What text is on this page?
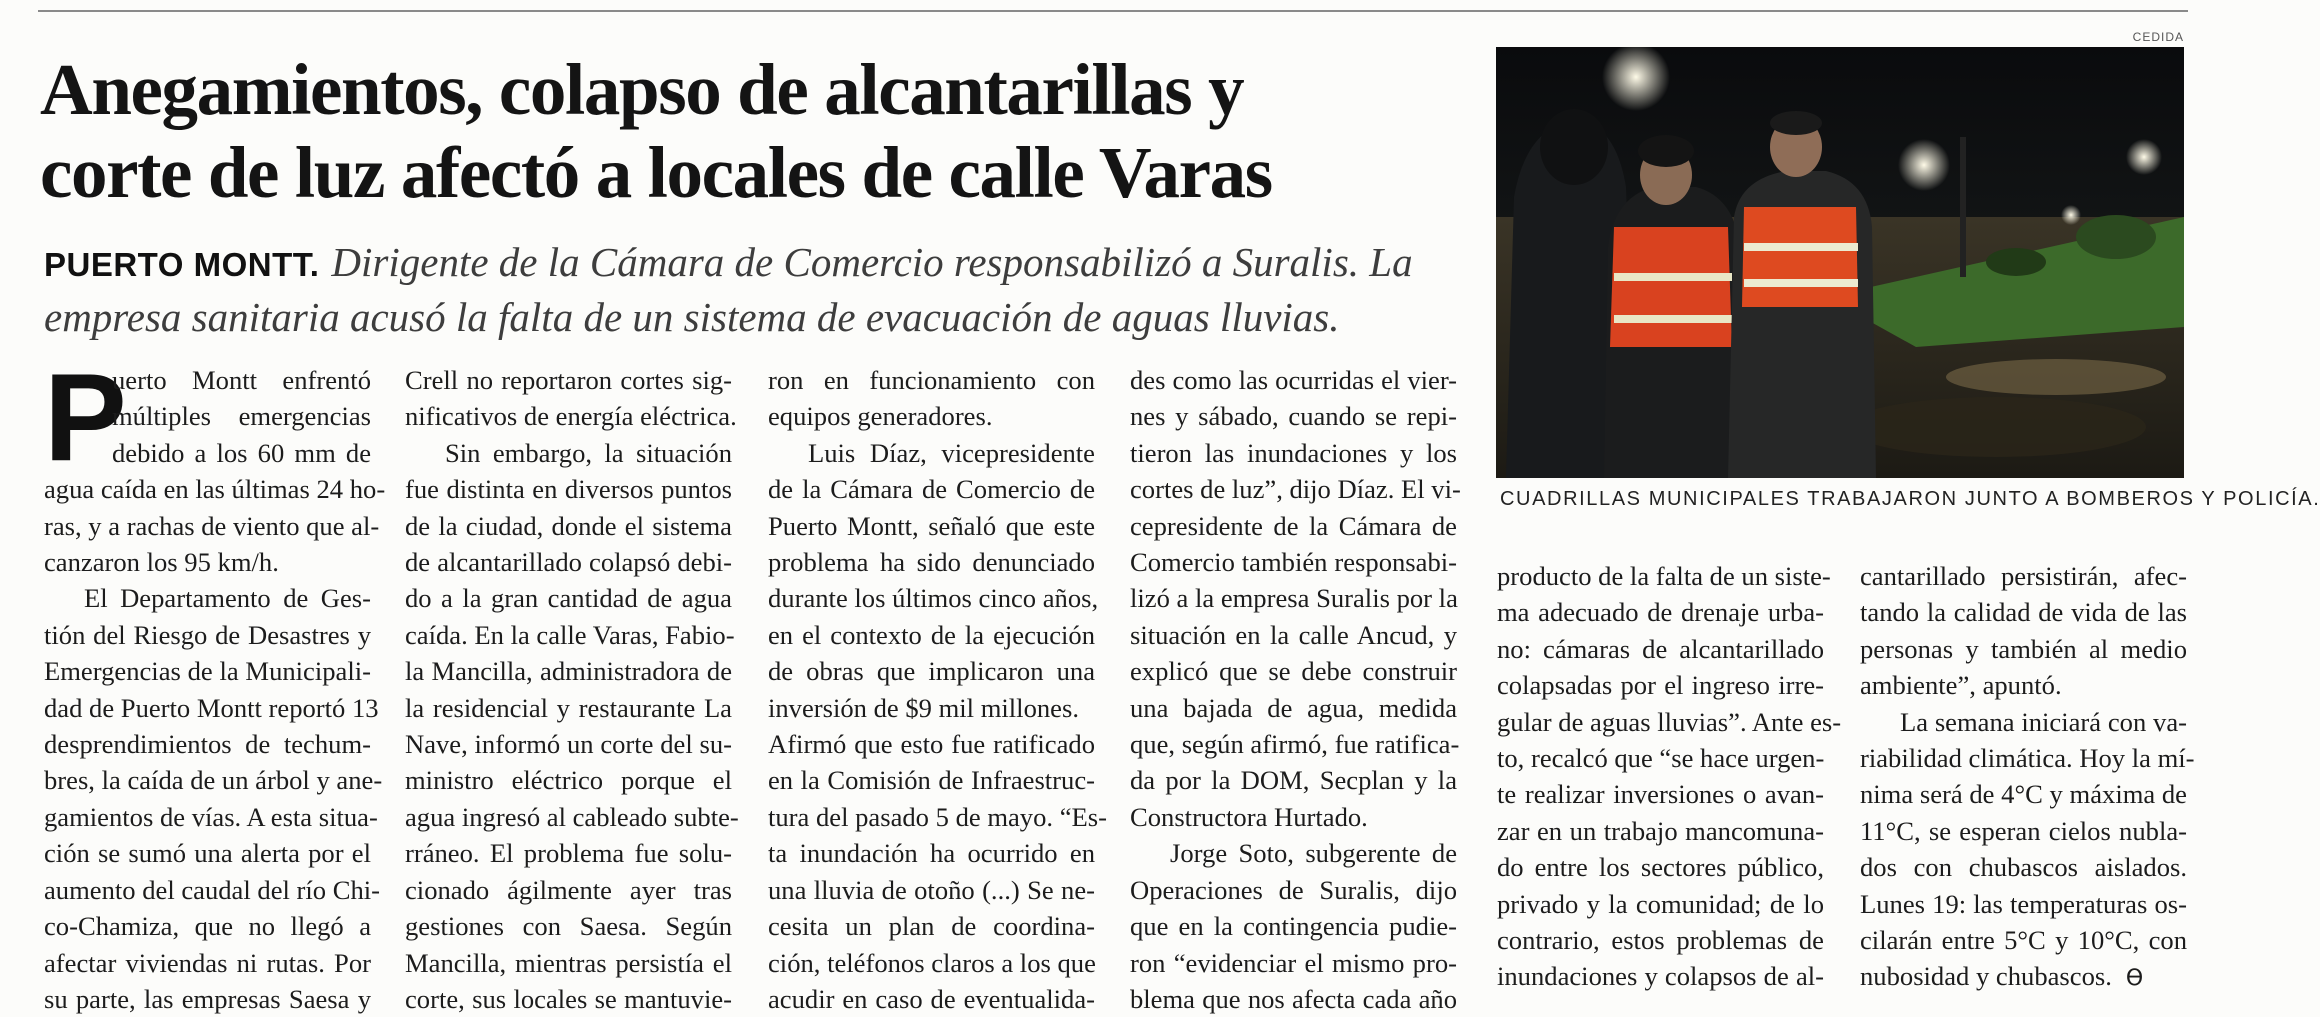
Anegamientos, colapso de alcantarillas y
corte de luz afectó a locales de calle Varas
PUERTO MONTT. Dirigente de la Cámara de Comercio responsabilizó a Suralis. La
empresa sanitaria acusó la falta de un sistema de evacuación de aguas lluvias.
P
uerto Montt enfrentó
múltiples emergencias
debido a los 60 mm de
agua caída en las últimas 24 ho-
ras, y a rachas de viento que al-
canzaron los 95 km/h.
El Departamento de Ges-
tión del Riesgo de Desastres y
Emergencias de la Municipali-
dad de Puerto Montt reportó 13
desprendimientos de techum-
bres, la caída de un árbol y ane-
gamientos de vías. A esta situa-
ción se sumó una alerta por el
aumento del caudal del río Chi-
co-Chamiza, que no llegó a
afectar viviendas ni rutas. Por
su parte, las empresas Saesa y
Crell no reportaron cortes sig-
nificativos de energía eléctrica.
Sin embargo, la situación
fue distinta en diversos puntos
de la ciudad, donde el sistema
de alcantarillado colapsó debi-
do a la gran cantidad de agua
caída. En la calle Varas, Fabio-
la Mancilla, administradora de
la residencial y restaurante La
Nave, informó un corte del su-
ministro eléctrico porque el
agua ingresó al cableado subte-
rráneo. El problema fue solu-
cionado ágilmente ayer tras
gestiones con Saesa. Según
Mancilla, mientras persistía el
corte, sus locales se mantuvie-
ron en funcionamiento con
equipos generadores.
Luis Díaz, vicepresidente
de la Cámara de Comercio de
Puerto Montt, señaló que este
problema ha sido denunciado
durante los últimos cinco años,
en el contexto de la ejecución
de obras que implicaron una
inversión de $9 mil millones.
Afirmó que esto fue ratificado
en la Comisión de Infraestruc-
tura del pasado 5 de mayo. “Es-
ta inundación ha ocurrido en
una lluvia de otoño (...) Se ne-
cesita un plan de coordina-
ción, teléfonos claros a los que
acudir en caso de eventualida-
des como las ocurridas el vier-
nes y sábado, cuando se repi-
tieron las inundaciones y los
cortes de luz”, dijo Díaz. El vi-
cepresidente de la Cámara de
Comercio también responsabi-
lizó a la empresa Suralis por la
situación en la calle Ancud, y
explicó que se debe construir
una bajada de agua, medida
que, según afirmó, fue ratifica-
da por la DOM, Secplan y la
Constructora Hurtado.
Jorge Soto, subgerente de
Operaciones de Suralis, dijo
que en la contingencia pudie-
ron “evidenciar el mismo pro-
blema que nos afecta cada año
producto de la falta de un siste-
ma adecuado de drenaje urba-
no: cámaras de alcantarillado
colapsadas por el ingreso irre-
gular de aguas lluvias”. Ante es-
to, recalcó que “se hace urgen-
te realizar inversiones o avan-
zar en un trabajo mancomuna-
do entre los sectores público,
privado y la comunidad; de lo
contrario, estos problemas de
inundaciones y colapsos de al-
cantarillado persistirán, afec-
tando la calidad de vida de las
personas y también al medio
ambiente”, apuntó.
La semana iniciará con va-
riabilidad climática. Hoy la mí-
nima será de 4°C y máxima de
11°C, se esperan cielos nubla-
dos con chubascos aislados.
Lunes 19: las temperaturas os-
cilarán entre 5°C y 10°C, con
nubosidad y chubascos. ϴ
CEDIDA
CUADRILLAS MUNICIPALES TRABAJARON JUNTO A BOMBEROS Y POLICÍA.
